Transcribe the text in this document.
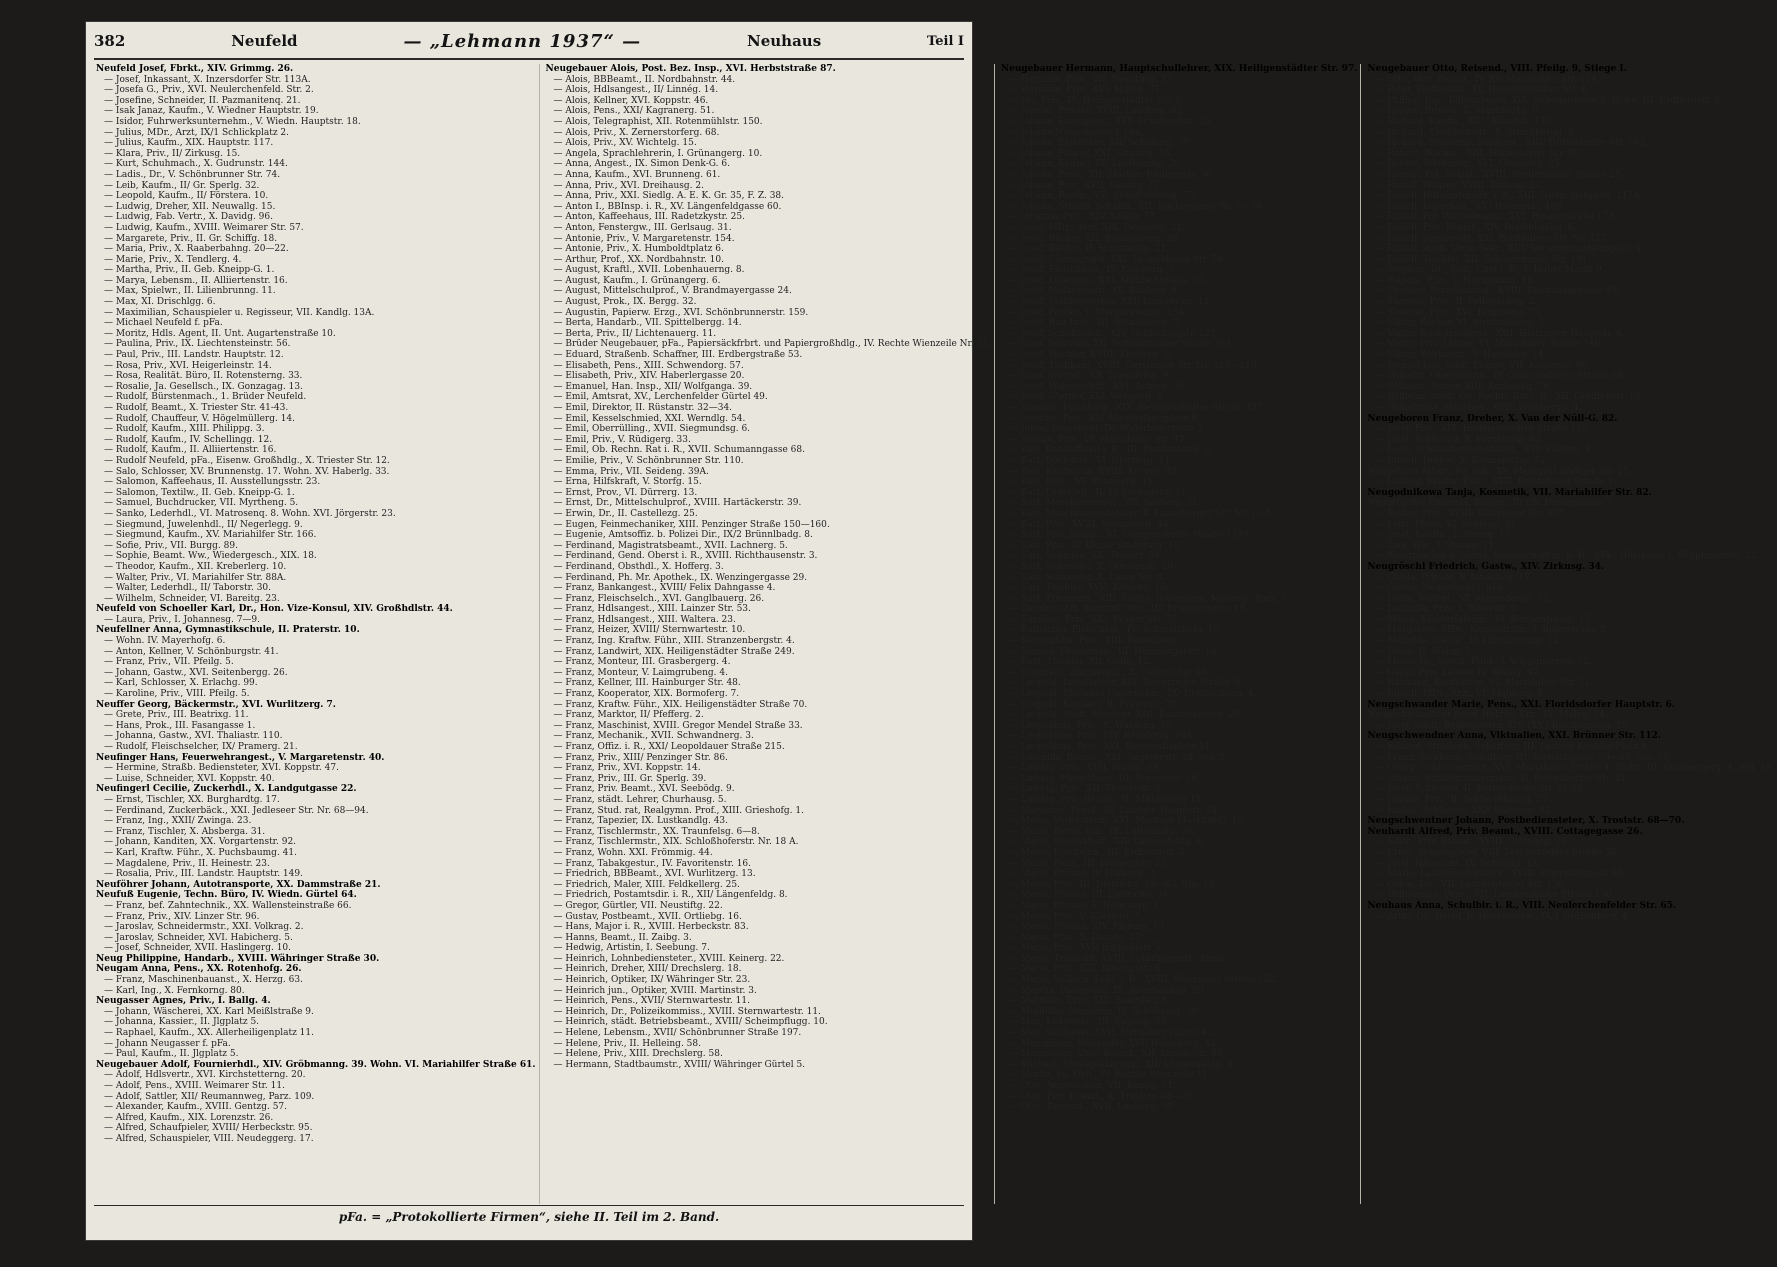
382	Neufeld	— „Lehmann 1937“ —	Neuhaus	Teil I
Neufeld Josef, Fbrkt., XIV. Grimmg. 26.
— Josef, Inkassant, X. Inzersdorfer Str. 113A.
— Josefa G., Priv., XVI. Neulerchenfeld. Str. 2.
— Josefine, Schneider, II. Pazmanitenq. 21.
— Isak Janaz, Kaufm., V. Wiedner Hauptstr. 19.
— Isidor, Fuhrwerksunternehm., V. Wiedn. Hauptstr. 18.
— Julius, MDr., Arzt, IX/1 Schlickplatz 2.
— Julius, Kaufm., XIX. Hauptstr. 117.
— Klara, Priv., II/ Zirkusg. 15.
— Kurt, Schuhmach., X. Gudrunstr. 144.
— Ladis., Dr., V. Schönbrunner Str. 74.
— Leib, Kaufm., II/ Gr. Sperlg. 32.
— Leopold, Kaufm., II/ Förstera. 10.
— Ludwig, Dreher, XII. Neuwallg. 15.
— Ludwig, Fab. Vertr., X. Davidg. 96.
— Ludwig, Kaufm., XVIII. Weimarer Str. 57.
— Margarete, Priv., II. Gr. Schiffg. 18.
— Maria, Priv., X. Raaberbahng. 20—22.
— Marie, Priv., X. Tendlerg. 4.
— Martha, Priv., II. Geb. Kneipp-G. 1.
— Marya, Lebensm., II. Alliiertenstr. 16.
— Max, Spielwr., II. Lilienbrunng. 11.
— Max, XI. Drischlgg. 6.
— Maximilian, Schauspieler u. Regisseur, VII. Kandlg. 13A.
— Michael Neufeld f. pFa.
— Moritz, Hdls. Agent, II. Unt. Augartenstraße 10.
— Paulina, Priv., IX. Liechtensteinstr. 56.
— Paul, Priv., III. Landstr. Hauptstr. 12.
— Rosa, Priv., XVI. Heigerleinstr. 14.
— Rosa, Realität. Büro, II. Rotensterng. 33.
— Rosalie, Ja. Gesellsch., IX. Gonzagag. 13.
— Rudolf, Bürstenmach., 1. Brüder Neufeld.
— Rudolf, Beamt., X. Triester Str. 41-43.
— Rudolf, Chauffeur, V. Högelmüllerg. 14.
— Rudolf, Kaufm., XIII. Philippg. 3.
— Rudolf, Kaufm., IV. Schellingg. 12.
— Rudolf, Kaufm., II. Alliiertenstr. 16.
— Rudolf Neufeld, pFa., Eisenw. Großhdlg., X. Triester Str. 12.
— Salo, Schlosser, XV. Brunnenstg. 17. Wohn. XV. Haberlg. 33.
— Salomon, Kaffeehaus, II. Ausstellungsstr. 23.
— Salomon, Textilw., II. Geb. Kneipp-G. 1.
— Samuel, Buchdrucker, VII. Myrtheng. 5.
— Sanko, Lederhdl., VI. Matrosenq. 8. Wohn. XVI. Jörgerstr. 23.
— Siegmund, Juwelenhdl., II/ Negerlegg. 9.
— Siegmund, Kaufm., XV. Mariahilfer Str. 166.
— Sofie, Priv., VII. Burgg. 89.
— Sophie, Beamt. Ww., Wiedergesch., XIX. 18.
— Theodor, Kaufm., XII. Kreberlerg. 10.
— Walter, Priv., VI. Mariahilfer Str. 88A.
— Walter, Lederhdl., II/ Taborstr. 30.
— Wilhelm, Schneider, VI. Bareitg. 23.
Neufeld von Schoeller Karl, Dr., Hon. Vize-Konsul, XIV. Großhdlstr. 44.
— Laura, Priv., I. Johannesg. 7—9.
Neufellner Anna, Gymnastikschule, II. Praterstr. 10.
— Wohn. IV. Mayerhofg. 6.
— Anton, Kellner, V. Schönburgstr. 41.
— Franz, Priv., VII. Pfeilg. 5.
— Johann, Gastw., XVI. Seitenbergg. 26.
— Karl, Schlosser, X. Erlachg. 99.
— Karoline, Priv., VIII. Pfeilg. 5.
Neuffer Georg, Bäckermstr., XVI. Wurlitzerg. 7.
— Grete, Priv., III. Beatrixg. 11.
— Hans, Prok., III. Fasangasse 1.
— Johanna, Gastw., XVI. Thaliastr. 110.
— Rudolf, Fleischselcher, IX/ Pramerg. 21.
Neufinger Hans, Feuerwehrangest., V. Margaretenstr. 40.
— Hermine, Straßb. Bediensteter, XVI. Koppstr. 47.
— Luise, Schneider, XVI. Koppstr. 40.
Neufingerl Cecilie, Zuckerhdl., X. Landgutgasse 22.
— Ernst, Tischler, XX. Burghardtg. 17.
— Ferdinand, Zuckerbäck., XXI. Jedleseer Str. Nr. 68—94.
— Franz, Ing., XXII/ Zwinga. 23.
— Franz, Tischler, X. Absberga. 31.
— Johann, Kanditen, XX. Vorgartenstr. 92.
— Karl, Kraftw. Führ., X. Puchsbaumg. 41.
— Magdalene, Priv., II. Heinestr. 23.
— Rosalia, Priv., III. Landstr. Hauptstr. 149.
Neuföhrer Johann, Autotransporte, XX. Dammstraße 21.
Neufuß Eugenie, Techn. Büro, IV. Wiedn. Gürtel 64.
— Franz, bef. Zahntechnik., XX. Wallensteinstraße 66.
— Franz, Priv., XIV. Linzer Str. 96.
— Jaroslav, Schneidermstr., XXI. Volkrag. 2.
— Jaroslav, Schneider, XVI. Habicherg. 5.
— Josef, Schneider, XVII. Haslingerg. 10.
Neug Philippine, Handarb., XVIII. Währinger Straße 30.
Neugam Anna, Pens., XX. Rotenhofg. 26.
— Franz, Maschinenbauanst., X. Herzg. 63.
— Karl, Ing., X. Fernkorng. 80.
Neugasser Agnes, Priv., I. Ballg. 4.
— Johann, Wäscherei, XX. Karl Meißlstraße 9.
— Johanna, Kassier., II. Jlgplatz 5.
— Raphael, Kaufm., XX. Allerheiligenplatz 11.
— Johann Neugasser f. pFa.
— Paul, Kaufm., II. Jlgplatz 5.
Neugebauer Adolf, Fournierhdl., XIV. Gröbmanng. 39. Wohn. VI. Mariahilfer Straße 61.
— Adolf, Hdlsvertr., XVI. Kirchstetterng. 20.
— Adolf, Pens., XVIII. Weimarer Str. 11.
— Adolf, Sattler, XII/ Reumannweg, Parz. 109.
— Alexander, Kaufm., XVIII. Gentzg. 57.
— Alfred, Kaufm., XIX. Lorenzstr. 26.
— Alfred, Schaufpieler, XVIII/ Herbeckstr. 95.
— Alfred, Schauspieler, VIII. Neudeggerg. 17.
Neugebauer Alois, Post. Bez. Insp., XVI. Herbststraße 87.
— Alois, BBBeamt., II. Nordbahnstr. 44.
— Alois, Hdlsangest., II/ Linnég. 14.
— Alois, Kellner, XVI. Koppstr. 46.
— Alois, Pens., XXI/ Kagranerg. 51.
— Alois, Telegraphist, XII. Rotenmühlstr. 150.
— Alois, Priv., X. Zernerstorferg. 68.
— Alois, Priv., XV. Wichtelg. 15.
— Angela, Sprachlehrerin, I. Grünangerg. 10.
— Anna, Angest., IX. Simon Denk-G. 6.
— Anna, Kaufm., XVI. Brunneng. 61.
— Anna, Priv., XVI. Dreihausg. 2.
— Anna, Priv., XXI. Siedlg. A. E. K. Gr. 35, F. Z. 38.
— Anton I., BBInsp. i. R., XV. Längenfeldgasse 60.
— Anton, Kaffeehaus, III. Radetzkystr. 25.
— Anton, Fenstergw., III. Gerlsaug. 31.
— Antonie, Priv., V. Margaretenstr. 154.
— Antonie, Priv., X. Humboldtplatz 6.
— Arthur, Prof., XX. Nordbahnstr. 10.
— August, Kraftl., XVII. Lobenhauerng. 8.
— August, Kaufm., I. Grünangerg. 6.
— August, Mittelschulprof., V. Brandmayergasse 24.
— August, Prok., IX. Bergg. 32.
— Augustin, Papierw. Erzg., XVI. Schönbrunnerstr. 159.
— Berta, Handarb., VII. Spittelbergg. 14.
— Berta, Priv., II/ Lichtenauerg. 11.
— Brüder Neugebauer, pFa., Papiersäckfrbrt. und Papiergroßhdlg., IV. Rechte Wienzeile Nr. 31.
— Eduard, Straßenb. Schaffner, III. Erdbergstraße 53.
— Elisabeth, Pens., XIII. Schwendorg. 57.
— Elisabeth, Priv., XIV. Haberlergasse 20.
— Emanuel, Han. Insp., XII/ Wolfganga. 39.
— Emil, Amtsrat, XV., Lerchenfelder Gürtel 49.
— Emil, Direktor, II. Rüstanstr. 32—34.
— Emil, Kesselschmied, XXI. Werndlg. 54.
— Emil, Oberrülling., XVII. Siegmundsg. 6.
— Emil, Priv., V. Rüdigerg. 33.
— Emil, Ob. Rechn. Rat i. R., XVII. Schumanngasse 68.
— Emilie, Priv., V. Schönbrunner Str. 110.
— Emma, Priv., VII. Seideng. 39A.
— Erna, Hilfskraft, V. Storfg. 15.
— Ernst, Prov., VI. Dürrerg. 13.
— Ernst, Dr., Mittelschulprof., XVIII. Hartäckerstr. 39.
— Erwin, Dr., II. Castellezg. 25.
— Eugen, Feinmechaniker, XIII. Penzinger Straße 150—160.
— Eugenie, Amtsoffiz. b. Polizei Dir., IX/2 Brünnlbadg. 8.
— Ferdinand, Magistratsbeamt., XVII. Lachnerg. 5.
— Ferdinand, Gend. Oberst i. R., XVIII. Richthausenstr. 3.
— Ferdinand, Obsthdl., X. Hofferg. 3.
— Ferdinand, Ph. Mr. Apothek., IX. Wenzingergasse 29.
— Franz, Bankangest., XVIII/ Felix Dahngasse 4.
— Franz, Fleischselch., XVI. Ganglbauerg. 26.
— Franz, Hdlsangest., XIII. Lainzer Str. 53.
— Franz, Hdlsangest., XIII. Waltera. 23.
— Franz, Heizer, XVIII/ Sternwartestr. 10.
— Franz, Ing. Kraftw. Führ., XIII. Stranzenbergstr. 4.
— Franz, Landwirt, XIX. Heiligenstädter Straße 249.
— Franz, Monteur, III. Grasbergerg. 4.
— Franz, Monteur, V. Laimgrubeng. 4.
— Franz, Kellner, III. Hainburger Str. 48.
— Franz, Kooperator, XIX. Bormoferg. 7.
— Franz, Kraftw. Führ., XIX. Heiligenstädter Straße 70.
— Franz, Marktor, II/ Pfefferg. 2.
— Franz, Maschinist, XVIII. Gregor Mendel Straße 33.
— Franz, Mechanik., XVII. Schwandnerg. 3.
— Franz, Offiz. i. R., XXI/ Leopoldauer Straße 215.
— Franz, Priv., XIII/ Penzinger Str. 86.
— Franz, Priv., XVI. Koppstr. 14.
— Franz, Priv., III. Gr. Sperlg. 39.
— Franz, Priv. Beamt., XVI. Seebödg. 9.
— Franz, städt. Lehrer, Churhausg. 5.
— Franz, Stud. rat, Realgymn. Prof., XIII. Grieshofg. 1.
— Franz, Tapezier, IX. Lustkandlg. 43.
— Franz, Tischlermstr., XX. Traunfelsg. 6—8.
— Franz, Tischlermstr., XIX. Schloßhoferstr. Nr. 18 A.
— Franz, Wohn. XXI. Frömmig. 44.
— Franz, Tabakgestur., IV. Favoritenstr. 16.
— Friedrich, BBBeamt., XVI. Wurlitzerg. 13.
— Friedrich, Maler, XIII. Feldkellerg. 25.
— Friedrich, Postamtsdir. i. R., XII/ Längenfeldg. 8.
— Gregor, Gürtler, VII. Neustiftg. 22.
— Gustav, Postbeamt., XVII. Ortliebg. 16.
— Hans, Major i. R., XVIII. Herbeckstr. 83.
— Hanns, Beamt., II. Zaibg. 3.
— Hedwig, Artistin, I. Seebung. 7.
— Heinrich, Lohnbediensteter., XVIII. Keinerg. 22.
— Heinrich, Dreher, XIII/ Drechslerg. 18.
— Heinrich, Optiker, IX/ Währinger Str. 23.
— Heinrich jun., Optiker, XVIII. Martinstr. 3.
— Heinrich, Pens., XVII/ Sternwartestr. 11.
— Heinrich, Dr., Polizeikommiss., XVIII. Sternwartestr. 11.
— Heinrich, städt. Betriebsbeamt., XVIII/ Scheimpflugg. 10.
— Helene, Lebensm., XVII/ Schönbrunner Straße 197.
— Helene, Priv., II. Helleing. 58.
— Helene, Priv., XIII. Drechslerg. 58.
— Hermann, Stadtbaumstr., XVIII/ Währinger Gürtel 5.
Neugebauer Hermann, Hauptschullehrer, XIX. Heiligenstädter Str. 97.
— Hermine, Priv., VII. Neustiftg. 33.
— Hermine, Priv., XVI. Hippg. 37.
— Ida, Priv., IX. Heiligenstädter Str. 6.
— Jeanne, Private, XVIII. Laudong. 42.
— Johann, Eisengiess., XVI. Schwegelstr. 29.
— Johann Neugebauer f. pFa.
— Johann, Elektriker, XII/ Schallerg. 39.
— Johann, Fahrer, XXI. Straußg. 15.
— Johann, Kellner, IX/ Lustkandlg. 20.
— Johann, Pens., XII. Markgr. Rüdigerstr. 36.
— Johann, Priv., XVII. Gentzg. 17.
— Johann, Rentn., VII. Schottenfeldg. 75.
— Johann, Straßb. Schaffn., XII. Ruckergasse Nr. 1—30.
— Johanna, Priv., XIV. Kröllg. 17.
— Josef, MDr., Arzt, XIX. Paulnerg. 21.
— Josef, Bäcker, XII. Steinbauerg. 26.
— Josef, Bäcker, II. Schimmelg. 21.
— Josef, Chemigraph, XXI. Leopoldauer Str. 76.
— Josef, Fleischhau., IV. Kleeberg. 7.
— Josef, Lebensm., XXI. Mühlschüttelg. 65.
— Josef, Molkereiarb., IX. Binderg. 6.
— Josef, Mühlenwerker, XXI/ Lanbruckg. 12.
— Josef, Portier, V. Margaretenstr. 154.
— Josef, Ran Insp., III. Stanislausg. 3.
— Josef, Schuhmach., XIV. Goldschlagstr. 121.
— Josef, Sekretär, XII. Schönbrunner Straße 261.
— Josef, Tischler, XVIII/ Klosterg. 3.
— Josef, Trafikant, XVIII. Gersthofer Str. Nr. 115—119.
— Josef, Vertret., XX. Traunfelsg. 4.
— Josef, Wagenschffr., XVI. Ackerg. 36.
— Josef, Wagner, XXI. Wengerg. 9.
— Josefine, Fischhdlg., XIX. Heiligenstädter Straße 127.
— Josefine, Priv., XX/ Allerheiligenplatz 8.
— Julius, Disponent, IX/ Widerhoferplatz 3.
— Justine, Priv., VI. Mariahilfer Str. 47.
— Karl, Bahnoffizial i. R., III. Rundmanng. 3.
— Karl, Büchdrst., VI. Gfornerg. 11.
— Karl, Kaufmann, XVIII. Kreuzg. 52.
— Karl, Disp., VI. Stumperg. 11.
— Karl, Lederhdl., II/ Lichtenauerg. 11.
— Karl, Maschinenmstr., VII. Seideng. 31.
— Karl, Maschinenschlosser, X. Laaerberger Str. Nr. 1—5.
— Karl, Priv., XVIII. Weimarerg. 44.
— Karl, Priv. Beamt., VI. Gumpendorfer Straße 118A.
— Karl, Priv., II/ Kleine Stadtgutg. 11.
— Karl, Schmied, XX. Treustr. 54.
— Karl, Schneider, X. Quellenstr. 20.
— Karl, Schneider, X. Laaer Str. 8.
— Karl, Tischler, XVII. Köhlerg. 16.
— Karl, Zimmerm., XIII. Siedlg. Rosenberg, Mauerg., Parz. 3.
— Karoline, Oh. Kontroll. Ww., III. Krieglergasse 10.
— Karoline, Priv., XXI. Prager Str. 75.
— Katharina, Fleischelb., IV/ Schmalzhofg. 16.
— Klementine, Priv., XIII/ Rosenberg.
— Konrad, Fleischhau., III. Hainburgerstr. 18.
— Kurt, Tischler, XII. Gallg. 12.
— Leonhard, Zimmerpuf., X. Neilreichg. 19.
— Leopold, Installateur, XIX. Sieveringer Straße 50.
— Leopold, Mietauto Unternehm., IX/ Dreihackeng. 4.
— Leopold, Komiker, II/ Praterstr. 78.
— Leopold, städt. Monteur, XIII. Ranzenhoferg. 29.
— Leopoldine, Priv., X. Waldeng. 79.
— Leopoldine, Priv., XIV. Reindorfg. 10A.
— Leopoldine, Priv., XXI. Konstantiaplatz 51.
— Ludmilla, Beamt., XXI. Angererstr. 28, Stg. 2.
— Ludwig, Priv., XVII. Pezzlg. 64.
— Ludwig, Fleischhau., III/ Stuwerstr. 19.
— Ludwig, Priv., XII. Theuerstr. 5.
— Ludwig, Priv. Beamt., IV. Mittersteig 15.
— Marianne, Pensl., III. Landstr. Hauptstr. 24.
— Maria, Verkäuferin, XXI. Mautner Markhof-G. 16.
— Marie, Bettw. Erz., IX. Luftkandlg. 39.
— Marie, Geschäftsfr., XII/ Längenfeldg. 8.
— Marie, Kronbühn., III. Erdbergstr. 2.
— Marie, Pens., III. Erdbergstr. 21.
— Marie, Private, II/ Hafnerg. 3.
— Marie, Priv., III. Dietrichg. 59—63, Stg. 18.
— Marie, Private, III. Dietrichg. 31.
— Marie, Private, V. Nebenerg. 1.
— Marie, Priv., V. Kliebero. 7.
— Marie, Private, XIV. Pilgeng. 13.
— Marie, Priv., X. Davidg. 23.
— Marie, Priv., XVI/ Hippeplatz 5.
— Marie, Trafikant, XVIII. Lothringerstr., Kiosk.
— Marie, Priv., XXI. Rosenplatz 6.
— Marie, Volksch. Lehr. i. R., XVIII. Währinger Straße 122.
— Martha, Pädagogin, IX. Alserbachstr. 39.
— Mathilde, Priv., XIX. Saarplatz 8.
— Mathilde, Stangerin, IV. Schellenig. 39.
— Max, Lederwar., III. Ungarg. 35.
— Max, Schlosser, XVII. Hernalser Gürtel 4.
— Maximilian, Reisender, XVI/ Habicherg. 43.
— Maximilian, Univ. Beamt., XII. Linzer Str. 87.
— Michael, Musikpädagogin, XII/ Längenfeldg. 8.
— Moritz, Fa. Gefl., IV. Rechte Wienzeile 11.
— Otto, Angestellter, VII. Bandg. 11.
— Otto, Priv. Beamt., X. Troststr. 68—70.
— Otto, Reisend., XVII. Lauberg. 30.
Neugebauer Otto, Reisend., VIII. Pfeilg. 9, Stiege I.
— Otto, Verf. Beamt., IV. XV. Mariahilfer Str. 174.
— Peter, Postbeamt., IX. Heiligenstädter Str. 6.
— Philipp, Ing., Kühlanlagen, XIX. Schegargasse 8, Wohn. III. Erdbergstr. 2.
— Regine, Private, X. Mannhartg. 6.
— Richard, Kaufm., XIII. Auhofstr. 135.
— Richard, Tischlermstr., X. Strindbergg. 2.
— Richard, Straßenb. Bedienst., XIII/ Hütteldorfer Str. 183.
— Robert, Wachm., XIII. Hütteldorfer Str. 90.
— Robert, Werkmstr., XVI. Obsakerg. 25.
— Roman, Pol. Beamt., XVIII. Breitenfelder Straße 28.
— Rudolf, Wehrer, XVIII. Dittesg. 13.
— Rudolf, Hilfsämtersdir. i. R., XIII. Hietz. Hauptstr. 117A.
— Rudolf, Lagerhalt., XV/ Hasnerstr. 166.
— Rudolf, Pol. Wachebeamt., XVI. Hasnerstraße 178.
— Rudolf, Priv. Beamt., XIV. Diefenbachg. 8.
— Rudolf, Speisewirt, XXI. Breitenleer Str. Nr. 427.
— Rudolf, städt. Verw. Sekr., XIII/ Versorgungsheimplatz 1.
— Rudolf, Tischler, XII. Schönbrunner Str. 191.
— Stephan, Dr., Sekt. Chef i. R., I. Hoher Markt 9.
— Tatjana, Priv., V. Hartmanng. 15.
— Theodor, Porzellanmal., XVIII. Rokitanskygasse 45.
— Therese, Priv., II. Pellegardeg. 2.
— Therese, Priv., XVI. Brunneng. 75.
— Viktor, Bäcker, VI. Strohmanerg. 5.
— Viktor, Buchdruckerst., XIII/ Hietzinger Hauptstr. 6.
— Viktor, Priv. Lehrer, VI. Mariahilfer Straße 74B.
— Viktor, Werkmstr., V. Hauslabg. 14.
— Wenzel Leo, städt. Lehrer, VII. Kaiserstr. 86.
— Wilhelm, Oberstleutn., IV. Gumpendorfer Straße 68.
— Wilhelm, Setzer, XIII/ Anzbachg. 76.
— Wilhelm, städt. Ob. Rechn. Rat i. R., XII. Greiffenstr. 13.
— Wilhelmine, Hausbes., XVII/ Wiesbergg. 4.
Neugeboren Franz, Dreher, X. Van der Nüll-G. 82.
— Josef, Priv., XIX. Heiligenstädter Straße 155.
— Josef, Schlosser, X. Fernkorng. 83.
— Leon, Schuhoberteilschneid., XVI/ Paletzg. 8.
— Rudolf, Dreher, X. Karmarschg. 72.
Neugeborn Albert, Fa. Jnh., XV. Markgraf Rüdiger Str. 25.
— Ludwig, Kraftw. Führ., XVII. Breitenseer Straße 1.
Neugodnikowa Tanja, Kosmetik, VII. Mariahilfer Str. 82.
Neugröschel Emanuel, Kaufm., II/ Ob. Donaustraße 7.
— Esther, Priv., XVIII/ Währinger Str. 135.
— Fritz, Maler, VI. Seideng. 31.
— Josef, Kaufm., I. Sterng. 11.
— Toni, Ww., I. Sterng. 11.
— Neugröschel & Söhne, Gesellschaft m. b. H., pFa., Hdlshaus, I. Wipplingerstr. 12.
Neugröschl Friedrich, Gastw., XIV. Zirkusg. 34.
— Gisela, Private, V. Johanneg. 17.
— Gustav Neugröschl f. pFa.
— Isidor, Vertret., VI. Maysederstr. 11.
— Ludmilla, Priv., I. Biberstr. 3.
— Malek, Kleiderfalonin., VI. Bürgerspitalg. 15.
— Margarete, MDr., Kinderärztin, I. Biberstraße 3.
— Mathilde, Gastw., II. Lilienbrunng. 12.
— Wohn. II. Malzg. 3.
— Moses Ig., Gesch. Führ., I. Wipplingerstr. 12.
— Oscar, Priv. Lehrer, IV. Mühlg. 42.
— Raimund, Konfektion, VI. Mariahilfer Str. 51.
— Rudolf, MDr., Arzt, VI. Mahleng. 1.
Neugschwander Marie, Pens., XXI. Floridsdorfer Hauptstr. 6.
Neugschwandtner Josef, Holzwr. Erz., IX. Malzg. 14.
— Josef, städt. Bediensteter, XIV. (XV.) Reichsapfelg. 15.
Neugschwendner Anna, Viktualien, XXI. Brünner Str. 112.
— Eduard, Straßenb. Schaffner, III. Ludwig Koeßler-Platz 8.
— Franz, Straßenb. Schaffner, III. Dietrichgasse 59—63, Stg. 19.
— Georg, Schlossermstr., XVI. Mariahilfer Straße 4, Wohn. III. Grasbergerg. 4, Stg. 19.
— Johann, Schiffszimmermann, II. Rottenborfer Str. 21.
— Josef, Schlosser, II. Rottendorfer Str. 21/25.
— Juliana, Priv., II. Schlachthausg. 27.
— Rudolf, Schlosser, XXI/ Kaltnerg. 42.
Neugschwentner Johann, Postbediensteter, X. Troststr. 68—70.
Neuhardt Alfred, Priv. Beamt., XVIII. Cottagegasse 26.
— Edith, Priv. Beamt., XVIII. Cottageg. 26.
— Ernst, Schauspieler, VIII. Lerchenfelder Straße 58.
— Josef, Inkassant, IX. Schlöglg. 43.
— Marie, Lampenschirmerz., XVIII. Pfarrstengasse 68.
— Oskar, Dir., VII. Lerchenfelder Str. 130.
— Wilhelmine, Pens., VII. Lerchenfelder Straße 130.
Neuhaus Anna, Schulbir. i. R., VIII. Neulerchenfelder Str. 65.
— Artur, Ob. Revid. b. Heeresverw., IX/1 Grünentorg. 4.
pFa. = „Protokollierte Firmen“, siehe II. Teil im 2. Band.
